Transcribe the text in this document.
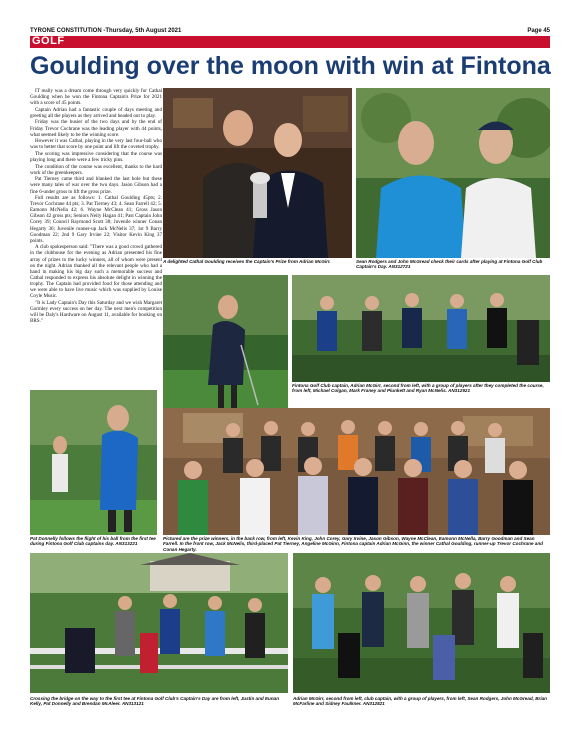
TYRONE CONSTITUTION -Thursday, 5th August 2021	Page 45
GOLF
Goulding over the moon with win at Fintona

IT really was a dream come through very quickly for Cathal Goulding when he won the Fintona Captain's Prize for 2021 with a score of 45 points.

Captain Adrian had a fantastic couple of days meeting and greeting all the players as they arrived and headed out to play.

Friday was the busier of the two days and by the end of Friday Trevor Cochrane was the leading player with 44 points, what seemed likely to be the winning score.

However it was Cathal, playing in the very last four-ball who was to better that score by one point and lift the coveted trophy.

The scoring was impressive considering that the course was playing long and there were a few tricky pins.

The condition of the course was excellent, thanks to the hard work of the greenkeepers.

Pat Tierney came third and blanked the last hole but these were many tales of war over the two days. Jason Gibson had a fine 6-under gross to lift the gross prize.

Full results are as follows: 1. Cathal Goulding 45pts; 2. Trevor Cochrane 44 pts; 3. Pat Tierney 43; 4. Sean Farrell 42; 5. Eamonn McNella 42; 6. Wayne McClean 41; Gross Jason Gibson 42 gross pts; Seniors Neily Hagan 41; Past Captain John Corey 39; Council Raymond Scott 38; Juvenile winner Conan Hegarty 36; Juvenile runner-up Jack McNelis 37; 1st 9 Barry Goodman 22; 2nd 9 Gary Irvine 22; Visitor Kevin King 37 points.

A club spokesperson said: "There was a good crowd gathered in the clubhouse for the evening as Adrian presented his fine array of prizes to the lucky winners, all of whom were present on the night. Adrian thanked all the relevant people who had a hand in making his big day such a memorable success and Cathal responded to express his absolute delight in winning the trophy. The Captain had provided food for those attending and we were able to have live music which was supplied by Louise Coyle Music.

"It is Lady Captain's Day this Saturday and we wish Margaret Gormley every success on her day. The next men's competition will be Daly's Hardware on August 11, available for booking on BRS."

A delighted Cathal Goulding receives the Captain's Prize from Adrian McGirr.	Sean Rodgers and John McGread check their cards after playing at Fintona Golf Club Captain's Day. AN312721
Fintona Golf Club captain, Adrian McGirr, second from left, with a group of players after they completed the course, from left, Michael Colgan, Mark Franey and Plunkett and Ryan McNelis. AN312921
Pat Donnelly follows the flight of his ball from the first tee during Fintona Golf Club captains day. AN313221
Pictured are the prize winners, in the back row, from left, Kevin King, John Corey, Gary Irvine, Jason Gibson, Wayne McClean, Eamonn McNella, Barry Goodman and Sean Farrell. In the front row, Jack McNelis, third-placed Pat Tierney, Angeline McGinn, Fintona captain Adrian McGinn, the winner Cathal Goulding, runner-up Trevor Cochrane and Conan Hegarty.
Crossing the bridge on the way to the first tee at Fintona Golf Club's Captain's Day are from left, Justin and Eunan Kelly, Pat Donnelly and Brendan McAleer. AN313121
Adrian McGirr, second from left, club captain, with a group of players, from left, Sean Rodgers, John McGread, Brian McFarline and Sidney Faulkner. AN312821
